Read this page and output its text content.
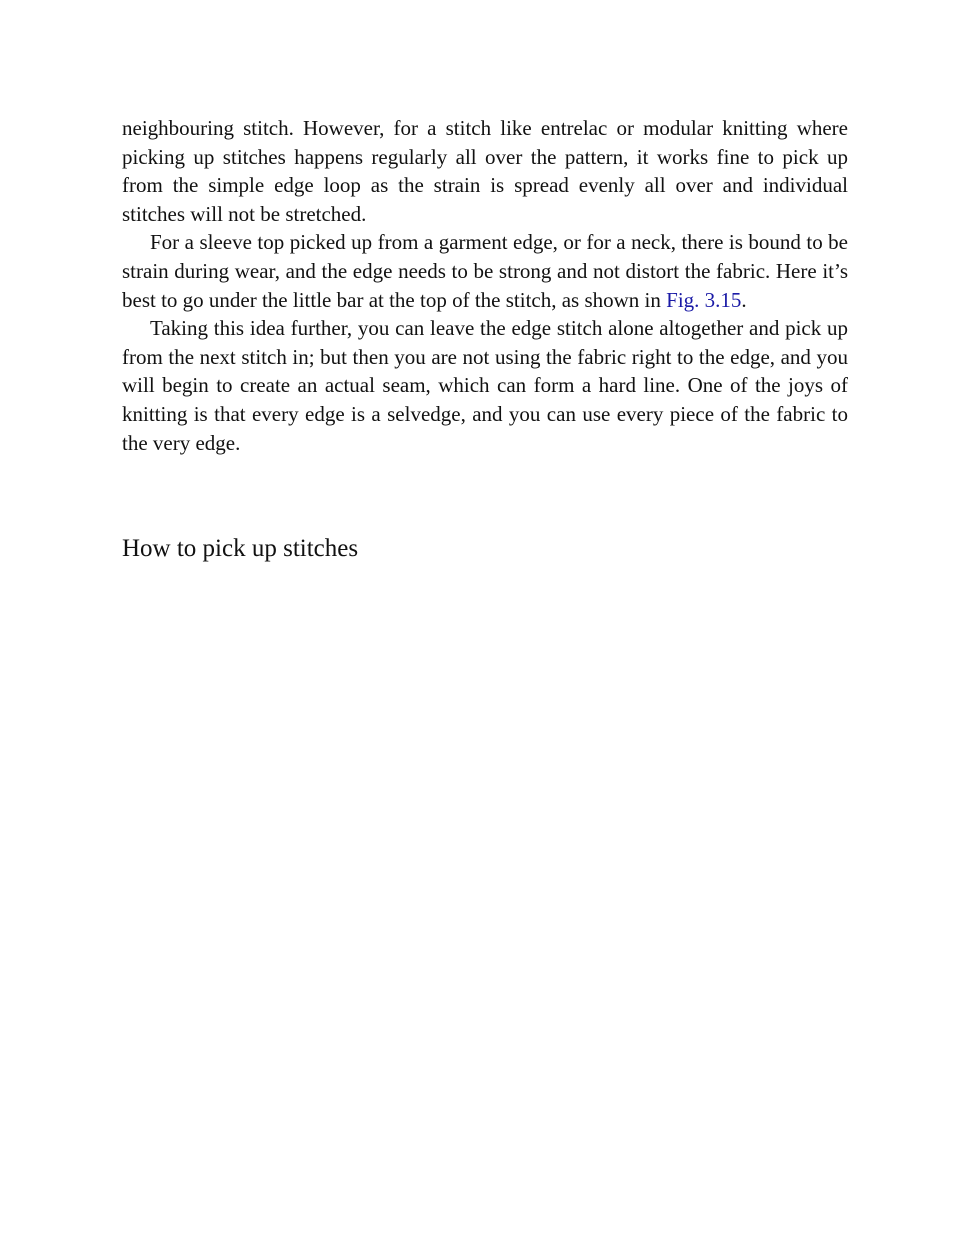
neighbouring stitch. However, for a stitch like entrelac or modular knitting where picking up stitches happens regularly all over the pattern, it works fine to pick up from the simple edge loop as the strain is spread evenly all over and individual stitches will not be stretched.

For a sleeve top picked up from a garment edge, or for a neck, there is bound to be strain during wear, and the edge needs to be strong and not distort the fabric. Here it’s best to go under the little bar at the top of the stitch, as shown in Fig. 3.15.

Taking this idea further, you can leave the edge stitch alone altogether and pick up from the next stitch in; but then you are not using the fabric right to the edge, and you will begin to create an actual seam, which can form a hard line. One of the joys of knitting is that every edge is a selvedge, and you can use every piece of the fabric to the very edge.

How to pick up stitches
